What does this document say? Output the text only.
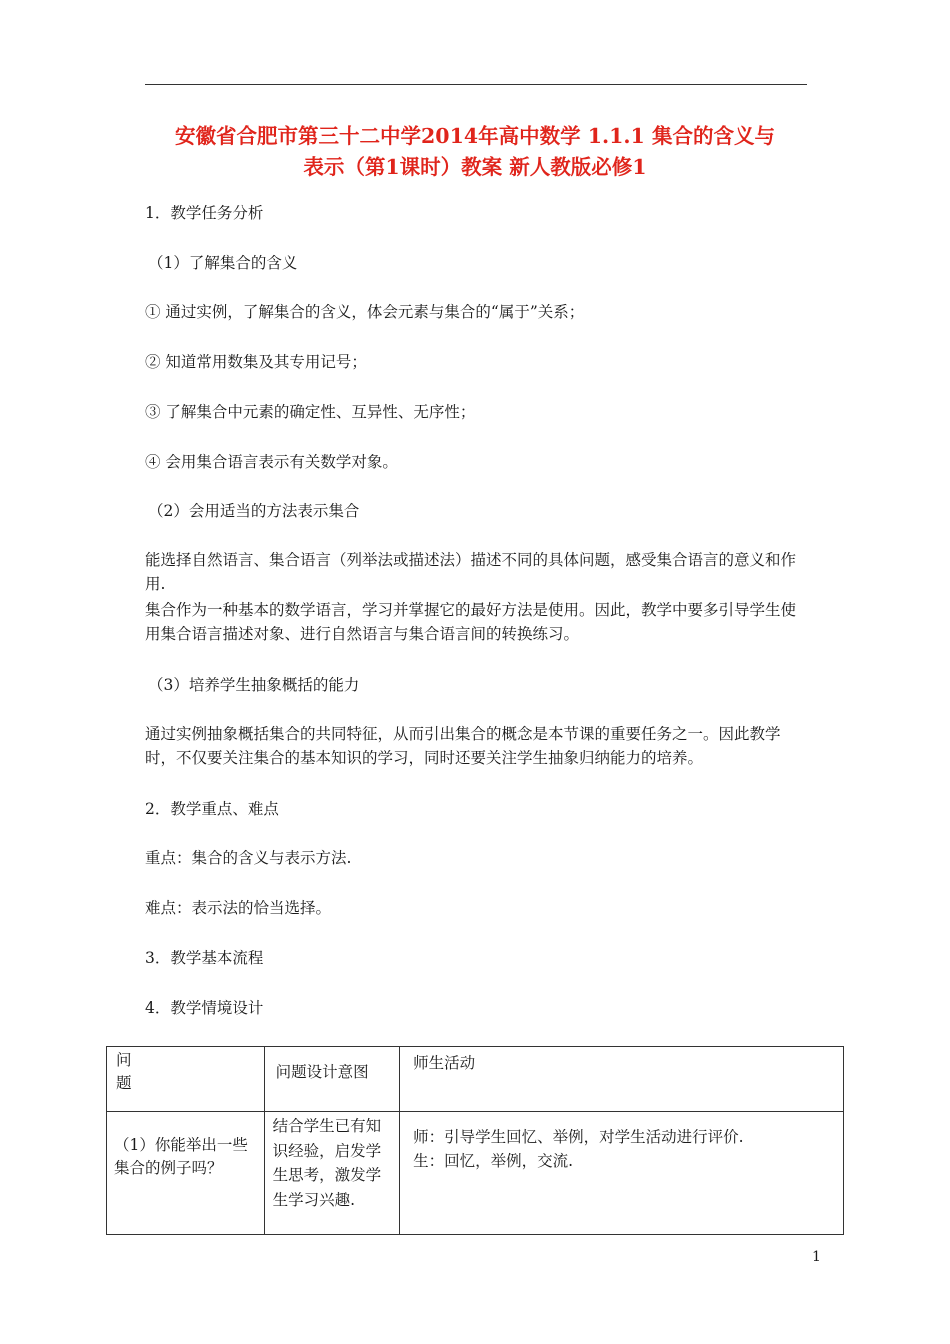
安徽省合肥市第三十二中学2014年高中数学 1.1.1 集合的含义与
表示（第1课时）教案 新人教版必修1
1．教学任务分析
（1）了解集合的含义
① 通过实例，了解集合的含义，体会元素与集合的“属于”关系；
② 知道常用数集及其专用记号；
③ 了解集合中元素的确定性、互异性、无序性；
④ 会用集合语言表示有关数学对象。
（2）会用适当的方法表示集合
能选择自然语言、集合语言（列举法或描述法）描述不同的具体问题，感受集合语言的意义和作用.
集合作为一种基本的数学语言，学习并掌握它的最好方法是使用。因此，教学中要多引导学生使用集合语言描述对象、进行自然语言与集合语言间的转换练习。
（3）培养学生抽象概括的能力
通过实例抽象概括集合的共同特征，从而引出集合的概念是本节课的重要任务之一。因此教学时，不仅要关注集合的基本知识的学习，同时还要关注学生抽象归纳能力的培养。
2．教学重点、难点
重点：集合的含义与表示方法.
难点：表示法的恰当选择。
3．教学基本流程
4．教学情境设计
问题	问题设计意图	师生活动
（1）你能举出一些集合的例子吗？	结合学生已有知识经验，启发学生思考，激发学生学习兴趣.	师：引导学生回忆、举例，对学生活动进行评价.
生：回忆，举例，交流.
1
